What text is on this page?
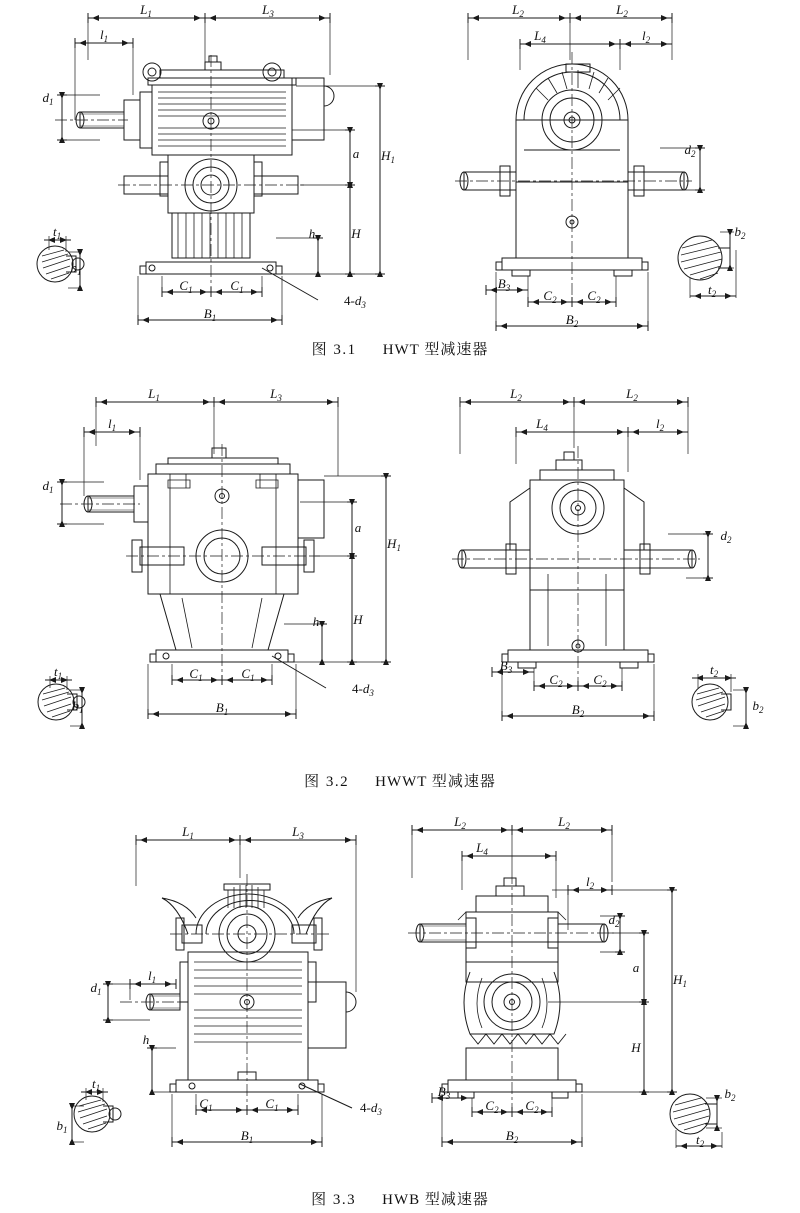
$L_1$	$L_3$
$l_1$
$d_1$
a $H_1$
H
h
$C_1$	$C_1$
$B_1$
$4-d_3$
$t_1$
$b_1$
$L_2$	$L_2$
$L_4$	$l_2$
$d_2$
$B_3$	$C_2$ $C_2$
$B_2$
$b_2$
$t_2$
图 3.1 HWT 型减速器
$L_1$	$L_3$
$l_1$
$d_1$
a
$H_1$
H
h
$C_1$	$C_1$
$B_1$
$4-d_3$
$t_1$
$b_1$
$L_2$	$L_2$
$L_4$	$l_2$
$d_2$
$B_3$
$C_2$ $C_2$
$B_2$
$t_2$
$b_2$
图 3.2 HWWT 型减速器
$L_1$	$L_3$
$l_1$
$d_1$
h
$C_1$	$C_1$
$B_1$
$4-d_3$
$t_1$
$b_1$
$L_2$	$L_2$
$L_4$
$l_2$
$d_2$
a
$H_1$
H
$B_3$
$C_2$ $C_2$
$B_2$
$b_2$
$t_2$
图 3.3 HWB 型减速器
